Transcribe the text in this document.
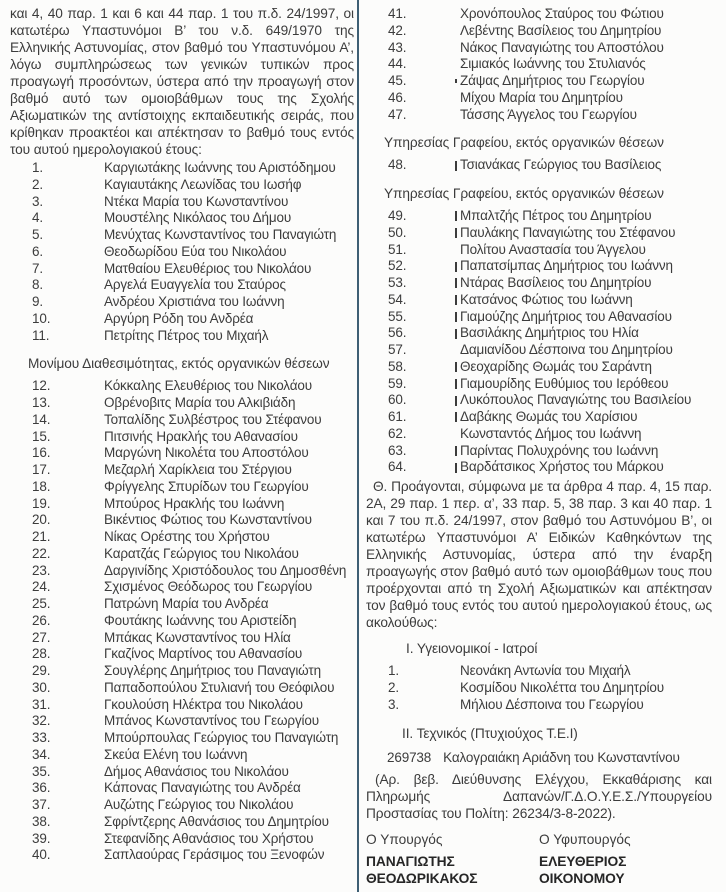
και 4, 40 παρ. 1 και 6 και 44 παρ. 1 του π.δ. 24/1997, οι κατωτέρω Υπαστυνόμοι Β’ του ν.δ. 649/1970 της Ελληνικής Αστυνομίας, στον βαθμό του Υπαστυνόμου Α’, λόγω συμπληρώσεως των γενικών τυπικών προς προαγωγή προσόντων, ύστερα από την προαγωγή στον βαθμό αυτό των ομοιοβάθμων τους της Σχολής Αξιωματικών της αντίστοιχης εκπαιδευτικής σειράς, που κρίθηκαν προακτέοι και απέκτησαν το βαθμό τους εντός του αυτού ημερολογιακού έτους:

1.	Καργιωτάκης Ιωάννης του Αριστόδημου
2.	Καγιαυτάκης Λεωνίδας του Ιωσήφ
3.	Ντέκα Μαρία του Κωνσταντίνου
4.	Μουστέλης Νικόλαος του Δήμου
5.	Μενύχτας Κωνσταντίνος του Παναγιώτη
6.	Θεοδωρίδου Εύα του Νικολάου
7.	Ματθαίου Ελευθέριος του Νικολάου
8.	Αργελά Ευαγγελία του Σταύρος
9.	Ανδρέου Χριστιάνα του Ιωάννη
10.	Αργύρη Ρόδη του Ανδρέα
11.	Πετρίτης Πέτρος του Μιχαήλ

Μονίμου Διαθεσιμότητας, εκτός οργανικών θέσεων

12.	Κόκκαλης Ελευθέριος του Νικολάου
13.	Οβρένοβιτς Μαρία του Αλκιβιάδη
14.	Τοπαλίδης Συλβέστρος του Στέφανου
15.	Πιτσινής Ηρακλής του Αθανασίου
16.	Μαργώνη Νικολέτα του Αποστόλου
17.	Μεζαρλή Χαρίκλεια του Στέργιου
18.	Φρίγγελης Σπυρίδων του Γεωργίου
19.	Μπούρος Ηρακλής του Ιωάννη
20.	Βικέντιος Φώτιος του Κωνσταντίνου
21.	Νίκας Ορέστης του Χρήστου
22.	Καρατζάς Γεώργιος του Νικολάου
23.	Δαργινίδης Χριστόδουλος του Δημοσθένη
24.	Σχισμένος Θεόδωρος του Γεωργίου
25.	Πατρώνη Μαρία του Ανδρέα
26.	Φουτάκης Ιωάννης του Αριστείδη
27.	Μπάκας Κωνσταντίνος του Ηλία
28.	Γκαζίνος Μαρτίνος του Αθανασίου
29.	Σουγλέρης Δημήτριος του Παναγιώτη
30.	Παπαδοπούλου Στυλιανή του Θεόφιλου
31.	Γκουλούση Ηλέκτρα του Νικολάου
32.	Μπάνος Κωνσταντίνος του Γεωργίου
33.	Μπούρπουλας Γεώργιος του Παναγιώτη
34.	Σκεύα Ελένη του Ιωάννη
35.	Δήμος Αθανάσιος του Νικολάου
36.	Κάπονας Παναγιώτης του Ανδρέα
37.	Αυζώτης Γεώργιος του Νικολάου
38.	Σφρίντζερης Αθανάσιος του Δημητρίου
39.	Στεφανίδης Αθανάσιος του Χρήστου
40.	Σαπλαούρας Γεράσιμος του Ξενοφών
41.	Χρονόπουλος Σταύρος του Φώτιου
42.	Λεβέντης Βασίλειος του Δημητρίου
43.	Νάκος Παναγιώτης του Αποστόλου
44.	Σιμιακός Ιωάννης του Στυλιανός
45.	Ζάψας Δημήτριος του Γεωργίου
46.	Μίχου Μαρία του Δημητρίου
47.	Τάσσης Άγγελος του Γεωργίου

Υπηρεσίας Γραφείου, εκτός οργανικών θέσεων

48.	Τσιανάκας Γεώργιος του Βασίλειος

Υπηρεσίας Γραφείου, εκτός οργανικών θέσεων

49.	Μπαλτζής Πέτρος του Δημητρίου
50.	Παυλάκης Παναγιώτης του Στέφανου
51.	Πολίτου Αναστασία του Άγγελου
52.	Παπατσίμπας Δημήτριος του Ιωάννη
53.	Ντάρας Βασίλειος του Δημητρίου
54.	Κατσάνος Φώτιος του Ιωάννη
55.	Γιαμούζης Δημήτριος του Αθανασίου
56.	Βασιλάκης Δημήτριος του Ηλία
57.	Δαμιανίδου Δέσποινα του Δημητρίου
58.	Θεοχαρίδης Θωμάς του Σαράντη
59.	Γιαμουρίδης Ευθύμιος του Ιερόθεου
60.	Λυκόπουλος Παναγιώτης του Βασιλείου
61.	Δαβάκης Θωμάς του Χαρίσιου
62.	Κωνσταντός Δήμος του Ιωάννη
63.	Παρίντας Πολυχρόνης του Ιωάννη
64.	Βαρδάτσικος Χρήστος του Μάρκου

Θ. Προάγονται, σύμφωνα με τα άρθρα 4 παρ. 4, 15 παρ. 2Α, 29 παρ. 1 περ. α’, 33 παρ. 5, 38 παρ. 3 και 40 παρ. 1 και 7 του π.δ. 24/1997, στον βαθμό του Αστυνόμου Β’, οι κατωτέρω Υπαστυνόμοι Α’ Ειδικών Καθηκόντων της Ελληνικής Αστυνομίας, ύστερα από την έναρξη προαγωγής στον βαθμό αυτό των ομοιοβάθμων τους που προέρχονται από τη Σχολή Αξιωματικών και απέκτησαν τον βαθμό τους εντός του αυτού ημερολογιακού έτους, ως ακολούθως:

Ι. Υγειονομικοί - Ιατροί

1.	Νεονάκη Αντωνία του Μιχαήλ
2.	Κοσμίδου Νικολέττα του Δημητρίου
3.	Μήλιου Δέσποινα του Γεωργίου

ΙΙ. Τεχνικός (Πτυχιούχος Τ.Ε.Ι)

269738 Καλογραιάκη Αριάδνη του Κωνσταντίνου

(Αρ. βεβ. Διεύθυνσης Ελέγχου, Εκκαθάρισης και Πληρωμής Δαπανών/Γ.Δ.Ο.Υ.Ε.Σ./Υπουργείου Προστασίας του Πολίτη: 26234/3-8-2022).

Ο Υπουργός

ΠΑΝΑΓΙΩΤΗΣ ΘΕΟΔΩΡΙΚΑΚΟΣ

Ο Υφυπουργός

ΕΛΕΥΘΕΡΙΟΣ ΟΙΚΟΝΟΜΟΥ
